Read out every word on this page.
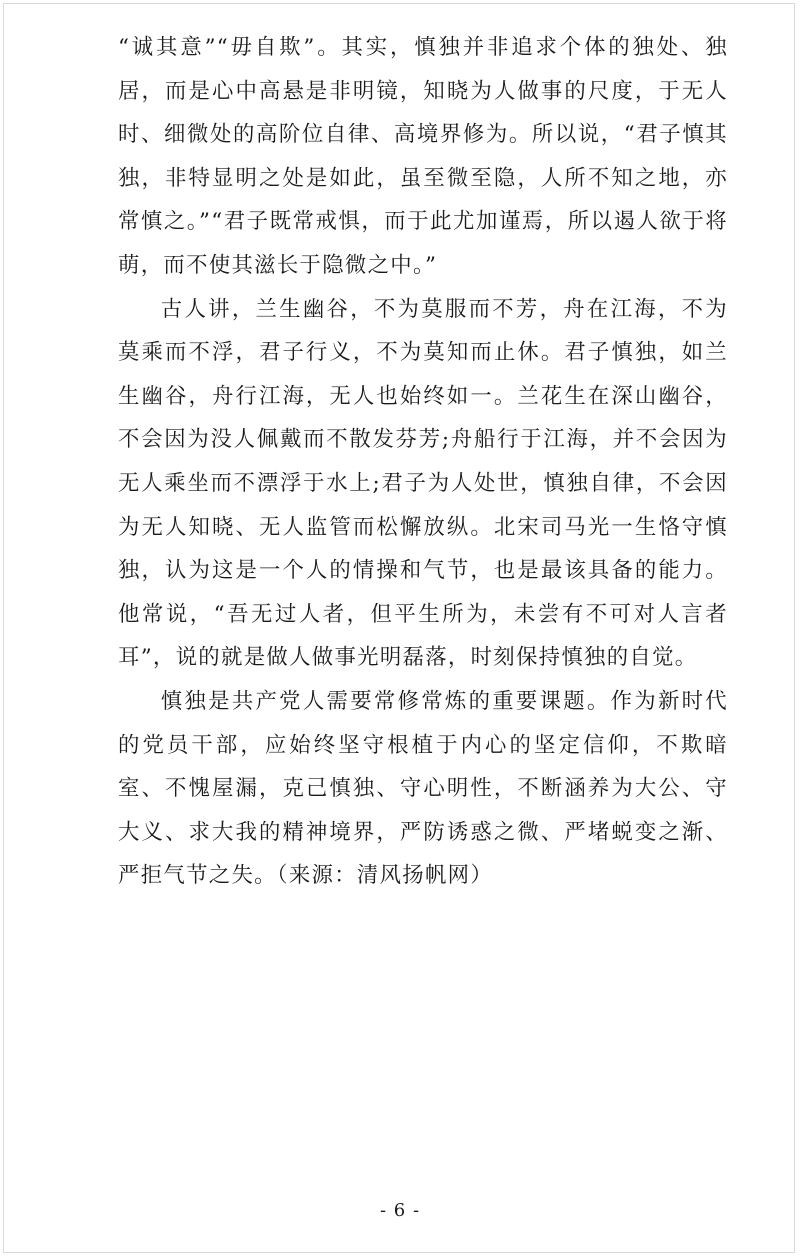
“诚其意”“毋自欺”。其实，慎独并非追求个体的独处、独居，而是心中高悬是非明镜，知晓为人做事的尺度，于无人时、细微处的高阶位自律、高境界修为。所以说，“君子慎其独，非特显明之处是如此，虽至微至隐，人所不知之地，亦常慎之。”“君子既常戒惧，而于此尤加谨焉，所以遏人欲于将萌，而不使其滋长于隐微之中。”

古人讲，兰生幽谷，不为莫服而不芳，舟在江海，不为莫乘而不浮，君子行义，不为莫知而止休。君子慎独，如兰生幽谷，舟行江海，无人也始终如一。兰花生在深山幽谷，不会因为没人佩戴而不散发芬芳;舟船行于江海，并不会因为无人乘坐而不漂浮于水上;君子为人处世，慎独自律，不会因为无人知晓、无人监管而松懈放纵。北宋司马光一生恪守慎独，认为这是一个人的情操和气节，也是最该具备的能力。他常说，“吾无过人者，但平生所为，未尝有不可对人言者耳”，说的就是做人做事光明磊落，时刻保持慎独的自觉。

慎独是共产党人需要常修常炼的重要课题。作为新时代的党员干部，应始终坚守根植于内心的坚定信仰，不欺暗室、不愧屋漏，克己慎独、守心明性，不断涵养为大公、守大义、求大我的精神境界，严防诱惑之微、严堵蜕变之渐、严拒气节之失。（来源：清风扬帆网）

- 6 -
